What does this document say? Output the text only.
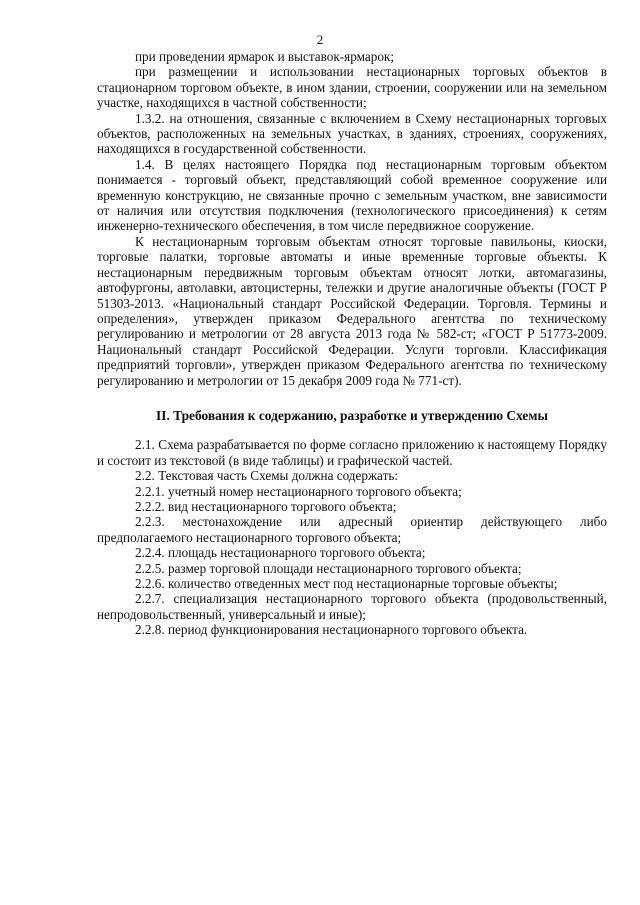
2

при проведении ярмарок и выставок-ярмарок;

при размещении и использовании нестационарных торговых объектов в стационарном торговом объекте, в ином здании, строении, сооружении или на земельном участке, находящихся в частной собственности;

1.3.2. на отношения, связанные с включением в Схему нестационарных торговых объектов, расположенных на земельных участках, в зданиях, строениях, сооружениях, находящихся в государственной собственности.

1.4. В целях настоящего Порядка под нестационарным торговым объектом понимается - торговый объект, представляющий собой временное сооружение или временную конструкцию, не связанные прочно с земельным участком, вне зависимости от наличия или отсутствия подключения (технологического присоединения) к сетям инженерно-технического обеспечения, в том числе передвижное сооружение.

К нестационарным торговым объектам относят торговые павильоны, киоски, торговые палатки, торговые автоматы и иные временные торговые объекты. К нестационарным передвижным торговым объектам относят лотки, автомагазины, автофургоны, автолавки, автоцистерны, тележки и другие аналогичные объекты (ГОСТ Р 51303-2013. «Национальный стандарт Российской Федерации. Торговля. Термины и определения», утвержден приказом Федерального агентства по техническому регулированию и метрологии от 28 августа 2013 года № 582-ст; «ГОСТ Р 51773-2009. Национальный стандарт Российской Федерации. Услуги торговли. Классификация предприятий торговли», утвержден приказом Федерального агентства по техническому регулированию и метрологии от 15 декабря 2009 года № 771-ст).

II. Требования к содержанию, разработке и утверждению Схемы

2.1. Схема разрабатывается по форме согласно приложению к настоящему Порядку и состоит из текстовой (в виде таблицы) и графической частей.

2.2. Текстовая часть Схемы должна содержать:

2.2.1. учетный номер нестационарного торгового объекта;

2.2.2. вид нестационарного торгового объекта;

2.2.3. местонахождение или адресный ориентир действующего либо предполагаемого нестационарного торгового объекта;

2.2.4. площадь нестационарного торгового объекта;

2.2.5. размер торговой площади нестационарного торгового объекта;

2.2.6. количество отведенных мест под нестационарные торговые объекты;

2.2.7. специализация нестационарного торгового объекта (продовольственный, непродовольственный, универсальный и иные);

2.2.8. период функционирования нестационарного торгового объекта.
